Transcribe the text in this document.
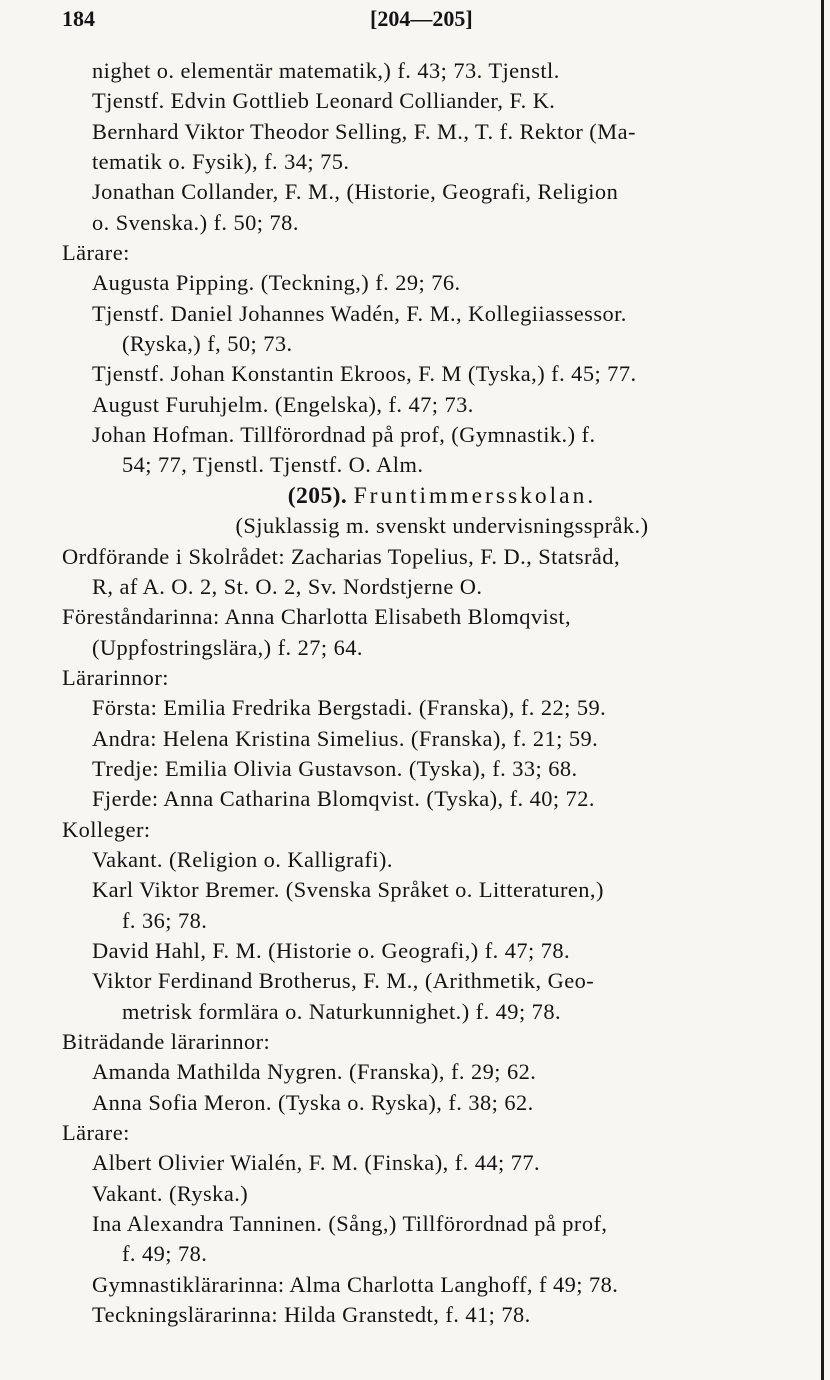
184	[204—205]
nighet o. elementär matematik,) f. 43; 73. Tjenstl.
Tjenstf. Edvin Gottlieb Leonard Colliander, F. K.
Bernhard Viktor Theodor Selling, F. M., T. f. Rektor (Ma-
tematik o. Fysik), f. 34; 75.
Jonathan Collander, F. M., (Historie, Geografi, Religion
o. Svenska.) f. 50; 78.
Lärare:
Augusta Pipping. (Teckning,) f. 29; 76.
Tjenstf. Daniel Johannes Wadén, F. M., Kollegiiassessor.
(Ryska,) f, 50; 73.
Tjenstf. Johan Konstantin Ekroos, F. M (Tyska,) f. 45; 77.
August Furuhjelm. (Engelska), f. 47; 73.
Johan Hofman. Tillförordnad på prof, (Gymnastik.) f.
54; 77, Tjenstl. Tjenstf. O. Alm.
(205). Fruntimmersskolan.
(Sjuklassig m. svenskt undervisningsspråk.)
Ordförande i Skolrådet: Zacharias Topelius, F. D., Statsråd,
R, af A. O. 2, St. O. 2, Sv. Nordstjerne O.
Föreståndarinna: Anna Charlotta Elisabeth Blomqvist,
(Uppfostringslära,) f. 27; 64.
Lärarinnor:
Första: Emilia Fredrika Bergstadi. (Franska), f. 22; 59.
Andra: Helena Kristina Simelius. (Franska), f. 21; 59.
Tredje: Emilia Olivia Gustavson. (Tyska), f. 33; 68.
Fjerde: Anna Catharina Blomqvist. (Tyska), f. 40; 72.
Kolleger:
Vakant. (Religion o. Kalligrafi).
Karl Viktor Bremer. (Svenska Språket o. Litteraturen,)
f. 36; 78.
David Hahl, F. M. (Historie o. Geografi,) f. 47; 78.
Viktor Ferdinand Brotherus, F. M., (Arithmetik, Geo-
metrisk formlära o. Naturkunnighet.) f. 49; 78.
Biträdande lärarinnor:
Amanda Mathilda Nygren. (Franska), f. 29; 62.
Anna Sofia Meron. (Tyska o. Ryska), f. 38; 62.
Lärare:
Albert Olivier Wialén, F. M. (Finska), f. 44; 77.
Vakant. (Ryska.)
Ina Alexandra Tanninen. (Sång,) Tillförordnad på prof,
f. 49; 78.
Gymnastiklärarinna: Alma Charlotta Langhoff, f 49; 78.
Teckningslärarinna: Hilda Granstedt, f. 41; 78.
